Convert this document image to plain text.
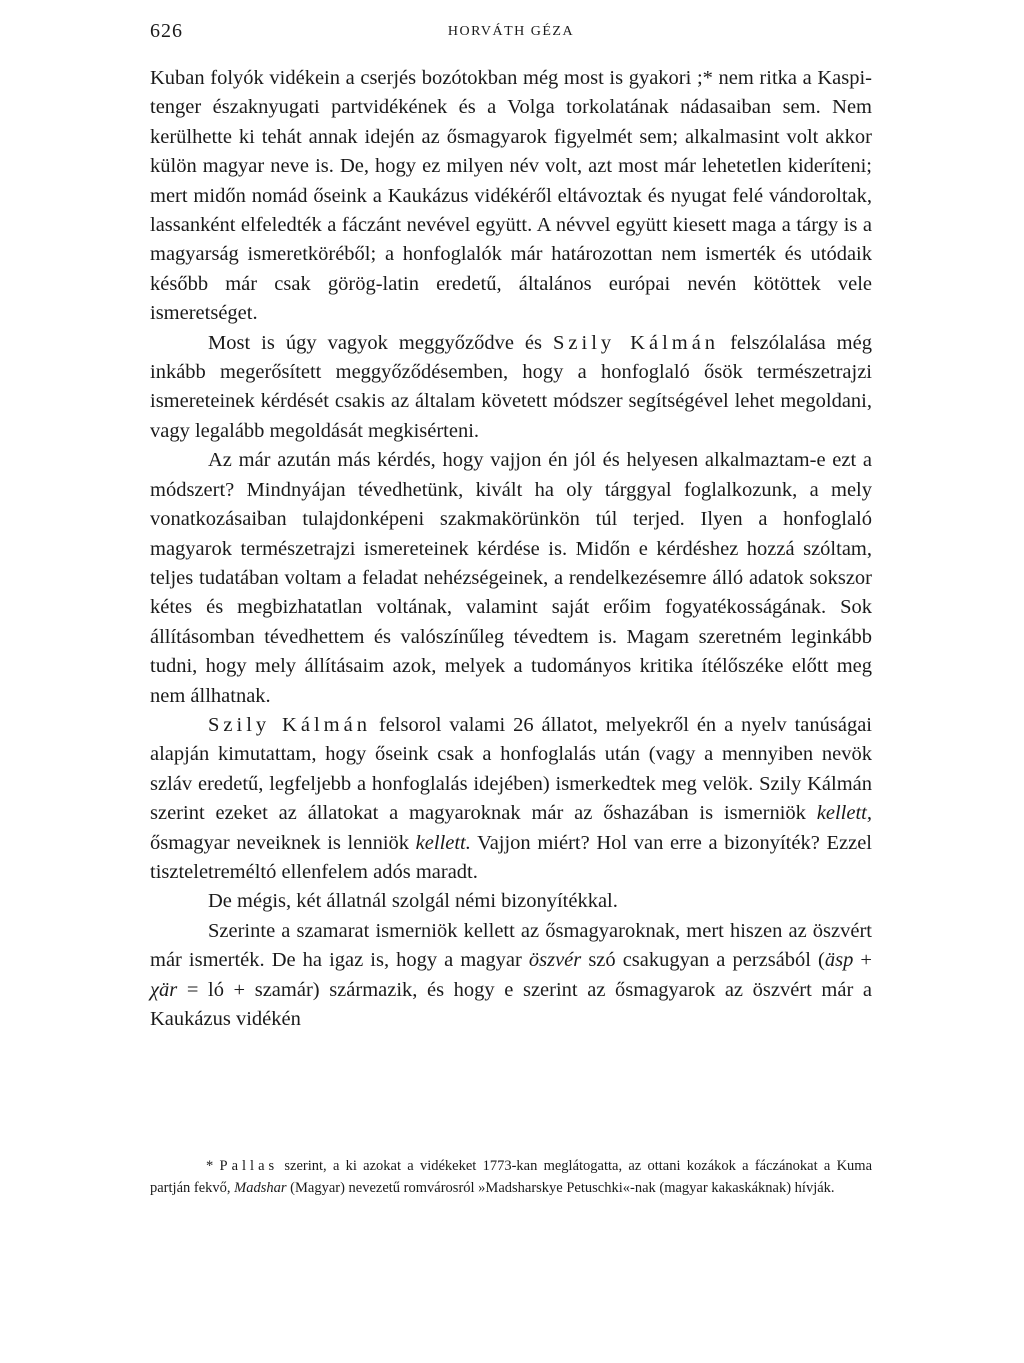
626	HORVÁTH GÉZA

Kuban folyók vidékein a cserjés bozótokban még most is gyakori ;* nem ritka a Kaspi-tenger északnyugati partvidékének és a Volga torkolatának nádasaiban sem. Nem kerülhette ki tehát annak idején az ősmagyarok figyelmét sem; alkalmasint volt akkor külön magyar neve is. De, hogy ez milyen név volt, azt most már lehetetlen kideríteni; mert midőn nomád őseink a Kaukázus vidékéről eltávoztak és nyugat felé vándoroltak, lassanként elfeledték a fáczánt nevével együtt. A névvel együtt kiesett maga a tárgy is a magyarság ismeretköréből; a honfoglalók már határozottan nem ismerték és utódaik később már csak görög-latin eredetű, általános európai nevén kötöttek vele ismeretséget.

Most is úgy vagyok meggyőződve és Szily Kálmán felszólalása még inkább megerősített meggyőződésemben, hogy a honfoglaló ősök természetrajzi ismereteinek kérdését csakis az általam követett módszer segítségével lehet megoldani, vagy legalább megoldását megkisérteni.

Az már azután más kérdés, hogy vajjon én jól és helyesen alkalmaztam-e ezt a módszert? Mindnyájan tévedhetünk, kivált ha oly tárggyal foglalkozunk, a mely vonatkozásaiban tulajdonképeni szakmakörünkön túl terjed. Ilyen a honfoglaló magyarok természetrajzi ismereteinek kérdése is. Midőn e kérdéshez hozzá szóltam, teljes tudatában voltam a feladat nehézségeinek, a rendelkezésemre álló adatok sokszor kétes és megbizhatatlan voltának, valamint saját erőim fogyatékosságának. Sok állításomban tévedhettem és valószínűleg tévedtem is. Magam szeretném leginkább tudni, hogy mely állításaim azok, melyek a tudományos kritika ítélőszéke előtt meg nem állhatnak.

Szily Kálmán felsorol valami 26 állatot, melyekről én a nyelv tanúságai alapján kimutattam, hogy őseink csak a honfoglalás után (vagy a mennyiben nevök szláv eredetű, legfeljebb a honfoglalás idejében) ismerkedtek meg velök. Szily Kálmán szerint ezeket az állatokat a magyaroknak már az őshazában is ismerniök kellett, ősmagyar neveiknek is lenniök kellett. Vajjon miért? Hol van erre a bizonyíték? Ezzel tiszteletreméltó ellenfelem adós maradt.

De mégis, két állatnál szolgál némi bizonyítékkal.

Szerinte a szamarat ismerniök kellett az ősmagyaroknak, mert hiszen az öszvért már ismerték. De ha igaz is, hogy a magyar öszvér szó csakugyan a perzsából (äsp + χär = ló + szamár) származik, és hogy e szerint az ősmagyarok az öszvért már a Kaukázus vidékén

* Pallas szerint, a ki azokat a vidékeket 1773-kan meglátogatta, az ottani kozákok a fáczánokat a Kuma partján fekvő, Madshar (Magyar) nevezetű romvárosról »Madsharskye Petuschki«-nak (magyar kakaskáknak) hívják.
